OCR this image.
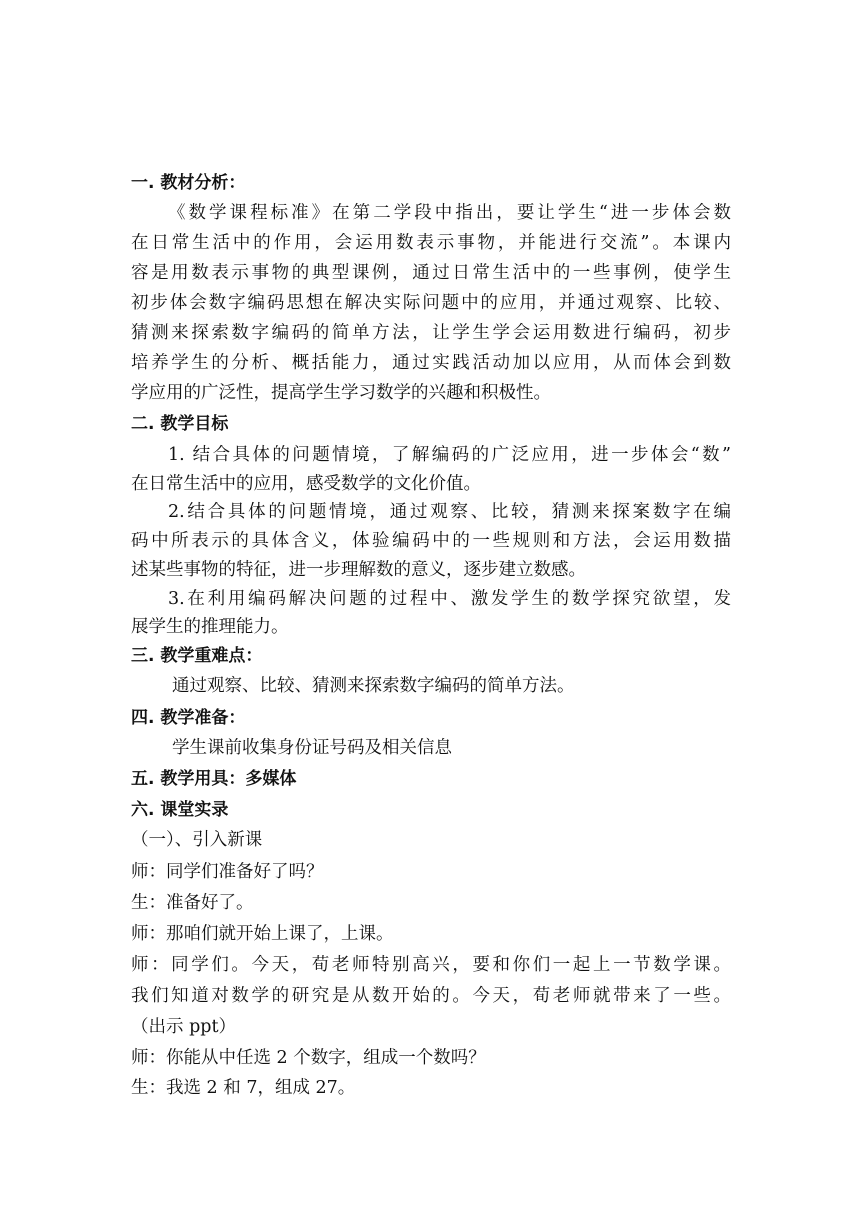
一. 教材分析：
《数学课程标准》在第二学段中指出，要让学生“进一步体会数
在日常生活中的作用，会运用数表示事物，并能进行交流”。本课内
容是用数表示事物的典型课例，通过日常生活中的一些事例，使学生
初步体会数字编码思想在解决实际问题中的应用，并通过观察、比较、
猜测来探索数字编码的简单方法，让学生学会运用数进行编码，初步
培养学生的分析、概括能力，通过实践活动加以应用，从而体会到数
学应用的广泛性，提高学生学习数学的兴趣和积极性。
二. 教学目标
1. 结合具体的问题情境，了解编码的广泛应用，进一步体会“数”
在日常生活中的应用，感受数学的文化价值。
2.结合具体的问题情境，通过观察、比较，猜测来探案数字在编
码中所表示的具体含义，体验编码中的一些规则和方法，会运用数描
述某些事物的特征，进一步理解数的意义，逐步建立数感。
3.在利用编码解决问题的过程中、激发学生的数学探究欲望，发
展学生的推理能力。
三. 教学重难点：
通过观察、比较、猜测来探索数字编码的简单方法。
四. 教学准备：
学生课前收集身份证号码及相关信息
五. 教学用具：多媒体
六. 课堂实录
（一）、引入新课
师：同学们准备好了吗？
生：准备好了。
师：那咱们就开始上课了，上课。
师：同学们。今天，荀老师特别高兴，要和你们一起上一节数学课。
我们知道对数学的研究是从数开始的。今天，荀老师就带来了一些。
（出示 ppt）
师：你能从中任选 2 个数字，组成一个数吗？
生：我选 2 和 7，组成 27。
